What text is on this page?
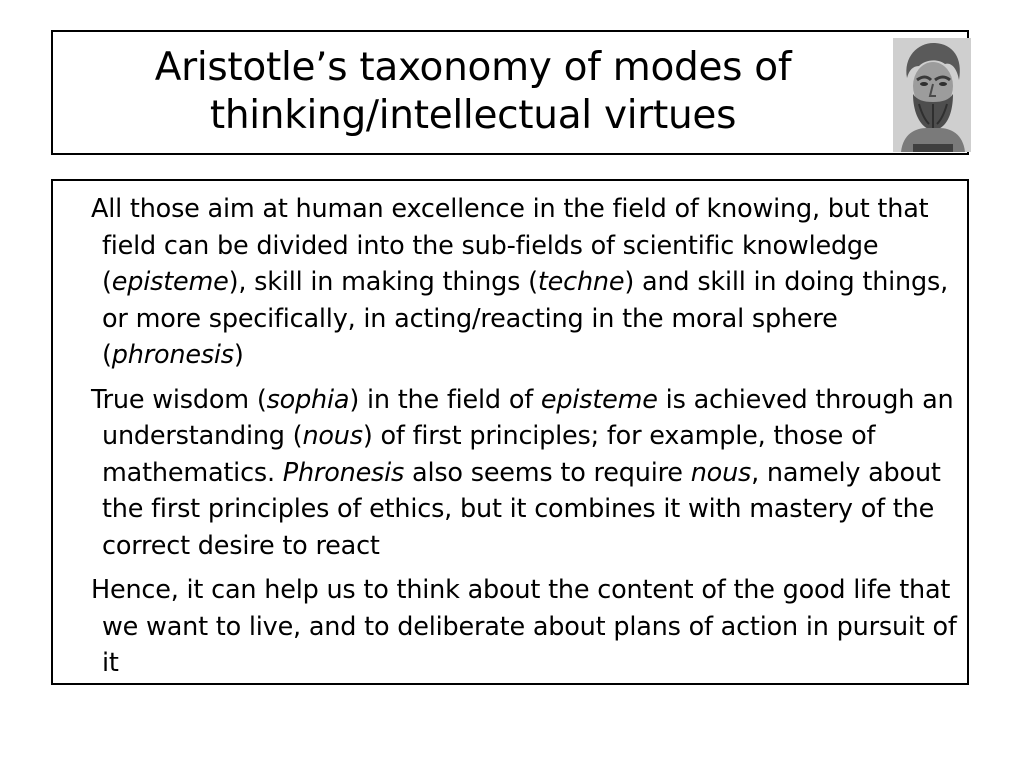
Aristotle’s taxonomy of modes of
thinking/intellectual virtues

All those aim at human excellence in the field of knowing, but that field can be divided into the sub-fields of scientific knowledge (episteme), skill in making things (techne) and skill in doing things, or more specifically, in acting/reacting in the moral sphere (phronesis)

True wisdom (sophia) in the field of episteme is achieved through an understanding (nous) of first principles; for example, those of mathematics. Phronesis also seems to require nous, namely about the first principles of ethics, but it combines it with mastery of the correct desire to react

Hence, it can help us to think about the content of the good life that we want to live, and to deliberate about plans of action in pursuit of it
